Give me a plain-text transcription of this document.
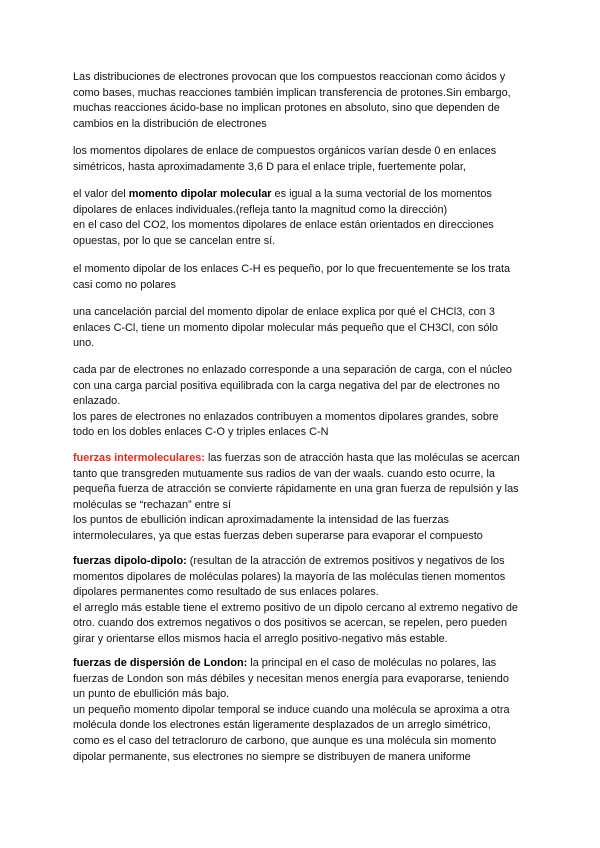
Las distribuciones de electrones provocan que los compuestos reaccionan como ácidos y
como bases, muchas reacciones también implican transferencia de protones.Sin embargo,
muchas reacciones ácido-base no implican protones en absoluto, sino que dependen de
cambios en la distribución de electrones

los momentos dipolares de enlace de compuestos orgánicos varían desde 0 en enlaces
simétricos, hasta aproximadamente 3,6 D para el enlace triple, fuertemente polar,

el valor del momento dipolar molecular es igual a la suma vectorial de los momentos
dipolares de enlaces individuales.(refleja tanto la magnitud como la dirección)
en el caso del CO2, los momentos dipolares de enlace están orientados en direcciones
opuestas, por lo que se cancelan entre sí.

el momento dipolar de los enlaces C-H es pequeño, por lo que frecuentemente se los trata
casi como no polares

una cancelación parcial del momento dipolar de enlace explica por qué el CHCl3, con 3
enlaces C-Cl, tiene un momento dipolar molecular más pequeño que el CH3Cl, con sólo
uno.

cada par de electrones no enlazado corresponde a una separación de carga, con el núcleo
con una carga parcial positiva equilibrada con la carga negativa del par de electrones no
enlazado.
los pares de electrones no enlazados contribuyen a momentos dipolares grandes, sobre
todo en los dobles enlaces C-O y triples enlaces C-N

fuerzas intermoleculares: las fuerzas son de atracción hasta que las moléculas se acercan
tanto que transgreden mutuamente sus radios de van der waals. cuando esto ocurre, la
pequeña fuerza de atracción se convierte rápidamente en una gran fuerza de repulsión y las
moléculas se “rechazan” entre sí
los puntos de ebullición indican aproximadamente la intensidad de las fuerzas
intermoleculares, ya que estas fuerzas deben superarse para evaporar el compuesto

fuerzas dipolo-dipolo: (resultan de la atracción de extremos positivos y negativos de los
momentos dipolares de moléculas polares) la mayoría de las moléculas tienen momentos
dipolares permanentes como resultado de sus enlaces polares.
el arreglo más estable tiene el extremo positivo de un dipolo cercano al extremo negativo de
otro. cuando dos extremos negativos o dos positivos se acercan, se repelen, pero pueden
girar y orientarse ellos mismos hacia el arreglo positivo-negativo más estable.

fuerzas de dispersión de London: la principal en el caso de moléculas no polares, las
fuerzas de London son más débiles y necesitan menos energía para evaporarse, teniendo
un punto de ebullición más bajo.
un pequeño momento dipolar temporal se induce cuando una molécula se aproxima a otra
molécula donde los electrones están ligeramente desplazados de un arreglo simétrico,
como es el caso del tetracloruro de carbono, que aunque es una molécula sin momento
dipolar permanente, sus electrones no siempre se distribuyen de manera uniforme
